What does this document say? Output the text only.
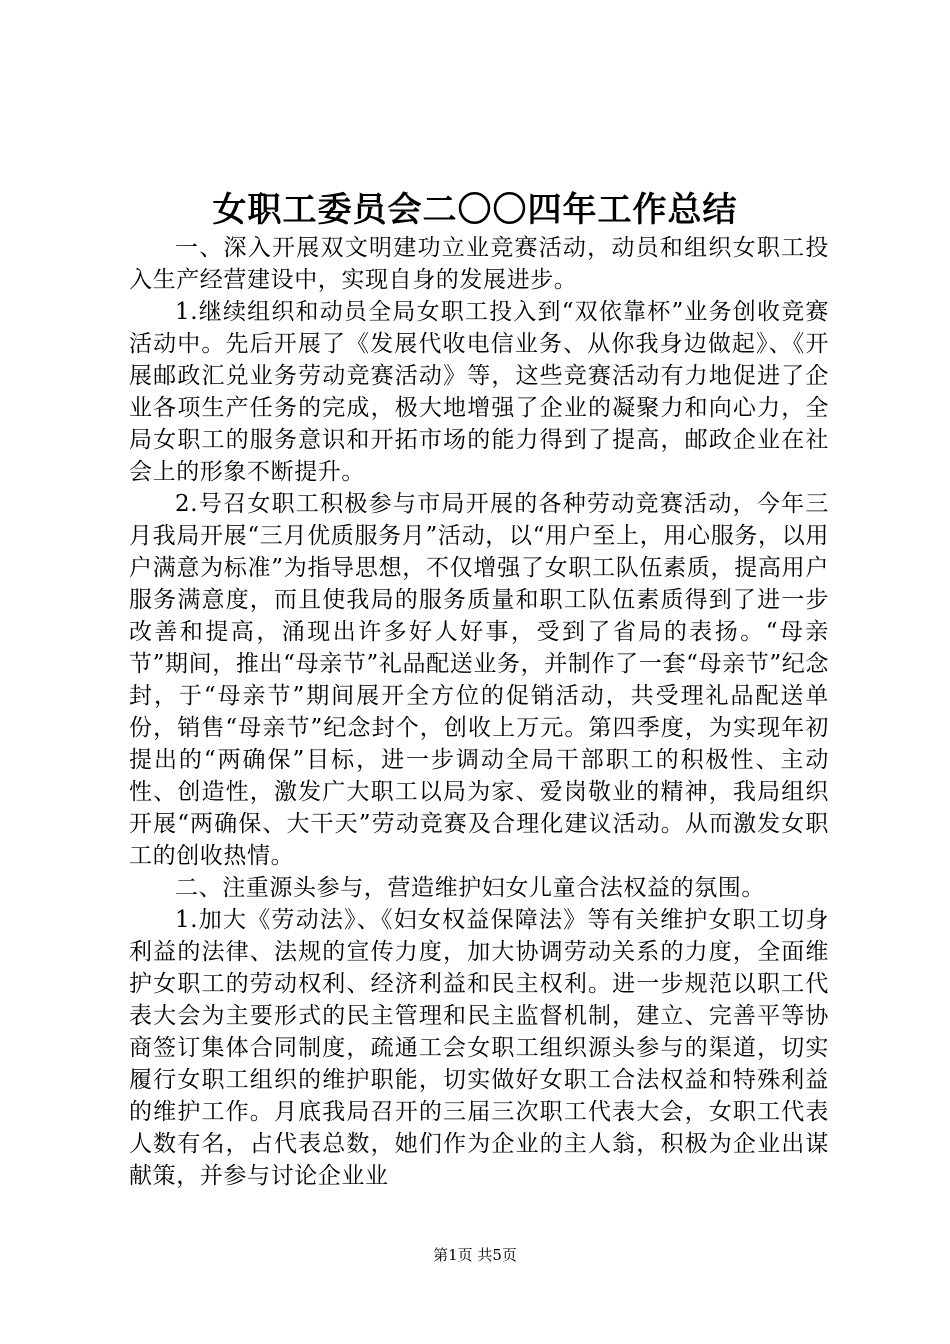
女职工委员会二〇〇四年工作总结

一、深入开展双文明建功立业竞赛活动，动员和组织女职工投入生产经营建设中，实现自身的发展进步。

1.继续组织和动员全局女职工投入到“双依靠杯”业务创收竞赛活动中。先后开展了《发展代收电信业务、从你我身边做起》、《开展邮政汇兑业务劳动竞赛活动》等，这些竞赛活动有力地促进了企业各项生产任务的完成，极大地增强了企业的凝聚力和向心力，全局女职工的服务意识和开拓市场的能力得到了提高，邮政企业在社会上的形象不断提升。

2.号召女职工积极参与市局开展的各种劳动竞赛活动，今年三月我局开展“三月优质服务月”活动，以“用户至上，用心服务，以用户满意为标准”为指导思想，不仅增强了女职工队伍素质，提高用户服务满意度，而且使我局的服务质量和职工队伍素质得到了进一步改善和提高，涌现出许多好人好事，受到了省局的表扬。“母亲节”期间，推出“母亲节”礼品配送业务，并制作了一套“母亲节”纪念封，于“母亲节”期间展开全方位的促销活动，共受理礼品配送单份，销售“母亲节”纪念封个，创收上万元。第四季度，为实现年初提出的“两确保”目标，进一步调动全局干部职工的积极性、主动性、创造性，激发广大职工以局为家、爱岗敬业的精神，我局组织开展“两确保、大干天”劳动竞赛及合理化建议活动。从而激发女职工的创收热情。

二、注重源头参与，营造维护妇女儿童合法权益的氛围。

1.加大《劳动法》、《妇女权益保障法》等有关维护女职工切身利益的法律、法规的宣传力度，加大协调劳动关系的力度，全面维护女职工的劳动权利、经济利益和民主权利。进一步规范以职工代表大会为主要形式的民主管理和民主监督机制，建立、完善平等协商签订集体合同制度，疏通工会女职工组织源头参与的渠道，切实履行女职工组织的维护职能，切实做好女职工合法权益和特殊利益的维护工作。月底我局召开的三届三次职工代表大会，女职工代表人数有名，占代表总数，她们作为企业的主人翁，积极为企业出谋献策，并参与讨论企业业

第1页 共5页
